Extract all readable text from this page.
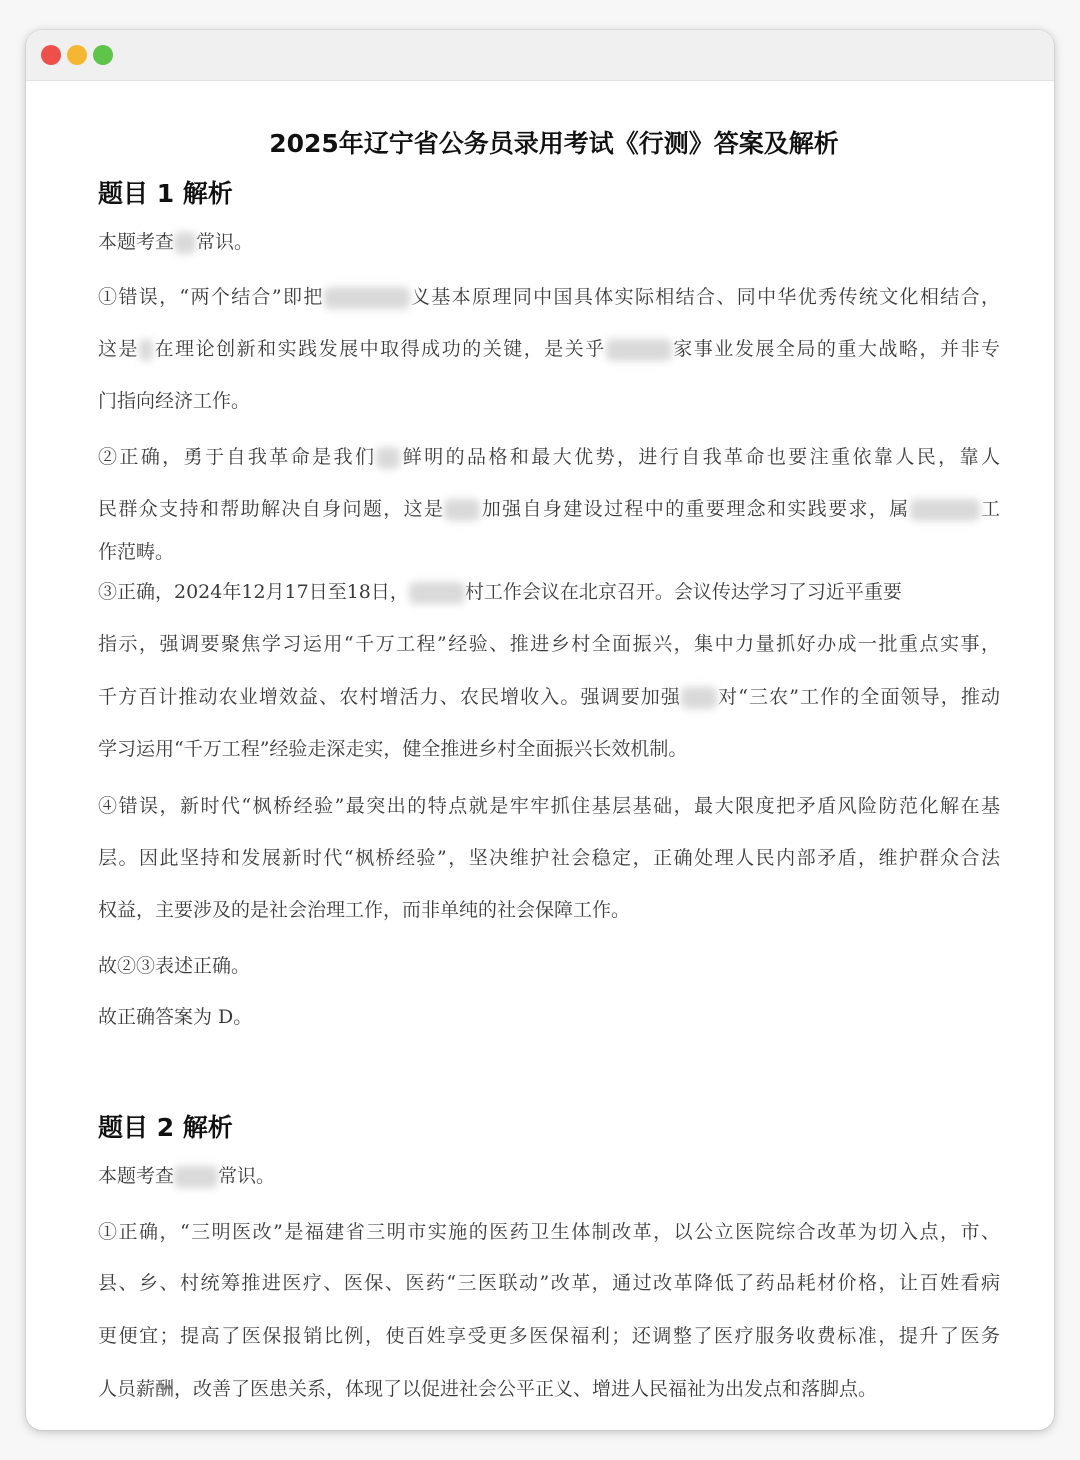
2025年辽宁省公务员录用考试《行测》答案及解析
题目 1 解析
本题考查 常识。
①错误，“两个结合”即把	义基本原理同中国具体实际相结合、同中华优秀传统文化相结合，
这是 在理论创新和实践发展中取得成功的关键，是关乎	家事业发展全局的重大战略，并非专
门指向经济工作。
②正确，勇于自我革命是我们 鲜明的品格和最大优势，进行自我革命也要注重依靠人民，靠人
民群众支持和帮助解决自身问题，这是 加强自身建设过程中的重要理念和实践要求，属	工
作范畴。
③正确，2024年12月17日至18日，	村工作会议在北京召开。会议传达学习了习近平重要
指示，强调要聚焦学习运用“千万工程”经验、推进乡村全面振兴，集中力量抓好办成一批重点实事，
千方百计推动农业增效益、农村增活力、农民增收入。强调要加强 对“三农”工作的全面领导，推动
学习运用“千万工程”经验走深走实，健全推进乡村全面振兴长效机制。
④错误，新时代“枫桥经验”最突出的特点就是牢牢抓住基层基础，最大限度把矛盾风险防范化解在基
层。因此坚持和发展新时代“枫桥经验”，坚决维护社会稳定，正确处理人民内部矛盾，维护群众合法
权益，主要涉及的是社会治理工作，而非单纯的社会保障工作。
故②③表述正确。
故正确答案为 D。
题目 2 解析
本题考查 常识。
①正确，“三明医改”是福建省三明市实施的医药卫生体制改革，以公立医院综合改革为切入点，市、
县、乡、村统筹推进医疗、医保、医药“三医联动”改革，通过改革降低了药品耗材价格，让百姓看病
更便宜；提高了医保报销比例，使百姓享受更多医保福利；还调整了医疗服务收费标准，提升了医务
人员薪酬，改善了医患关系，体现了以促进社会公平正义、增进人民福祉为出发点和落脚点。
